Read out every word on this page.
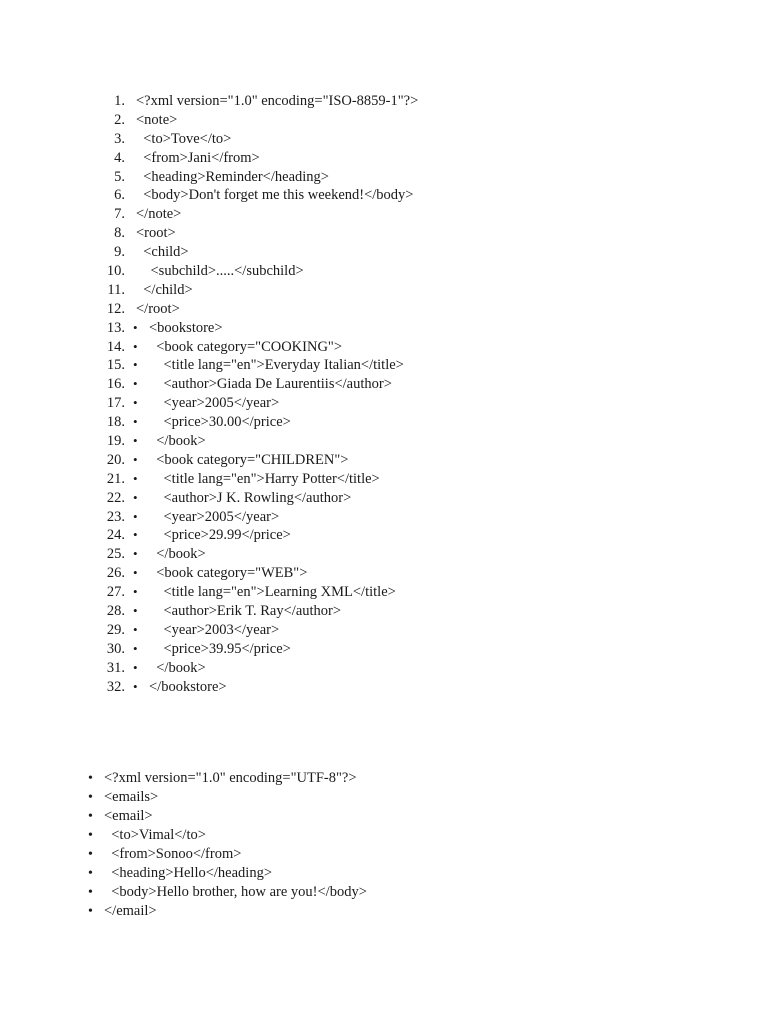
1. <?xml version="1.0" encoding="ISO-8859-1"?>
2. <note>
3. <to>Tove</to>
4. <from>Jani</from>
5. <heading>Reminder</heading>
6. <body>Don't forget me this weekend!</body>
7. </note>
8. <root>
9. <child>
10. <subchild>.....</subchild>
11. </child>
12. </root>
13. • <bookstore>
14. • <book category="COOKING">
15. • <title lang="en">Everyday Italian</title>
16. • <author>Giada De Laurentiis</author>
17. • <year>2005</year>
18. • <price>30.00</price>
19. • </book>
20. • <book category="CHILDREN">
21. • <title lang="en">Harry Potter</title>
22. • <author>J K. Rowling</author>
23. • <year>2005</year>
24. • <price>29.99</price>
25. • </book>
26. • <book category="WEB">
27. • <title lang="en">Learning XML</title>
28. • <author>Erik T. Ray</author>
29. • <year>2003</year>
30. • <price>39.95</price>
31. • </book>
32. • </bookstore>
• <?xml version="1.0" encoding="UTF-8"?>
• <emails>
• <email>
• <to>Vimal</to>
• <from>Sonoo</from>
• <heading>Hello</heading>
• <body>Hello brother, how are you!</body>
• </email>
